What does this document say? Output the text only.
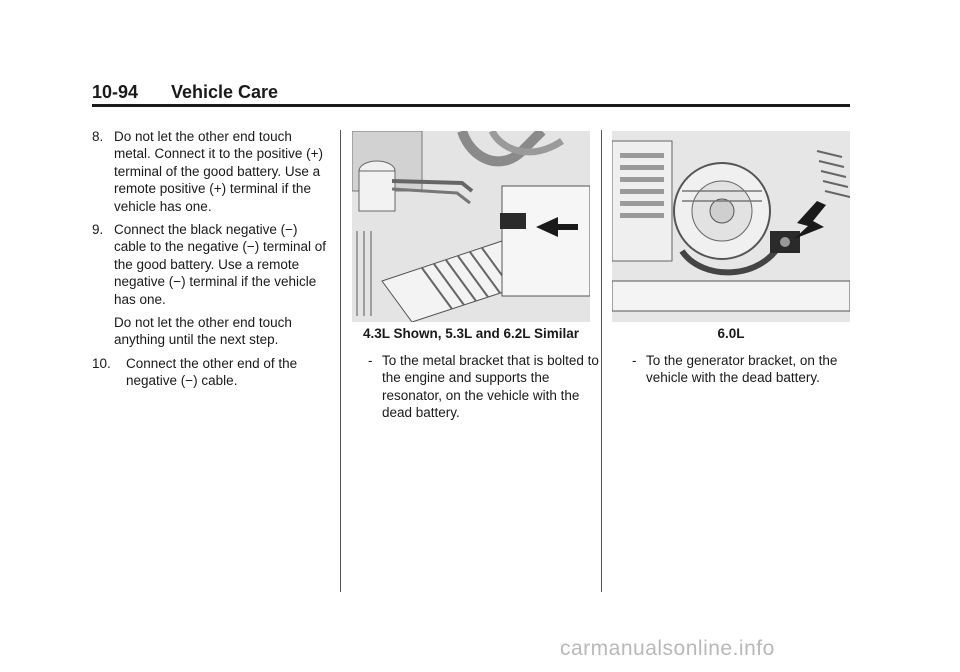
10-94 Vehicle Care
8. Do not let the other end touch metal. Connect it to the positive (+) terminal of the good battery. Use a remote positive (+) terminal if the vehicle has one.
9. Connect the black negative (−) cable to the negative (−) terminal of the good battery. Use a remote negative (−) terminal if the vehicle has one.
Do not let the other end touch anything until the next step.
10. Connect the other end of the negative (−) cable.
4.3L Shown, 5.3L and 6.2L Similar
- To the metal bracket that is bolted to the engine and supports the resonator, on the vehicle with the dead battery.
6.0L
- To the generator bracket, on the vehicle with the dead battery.
carmanualsonline.info
